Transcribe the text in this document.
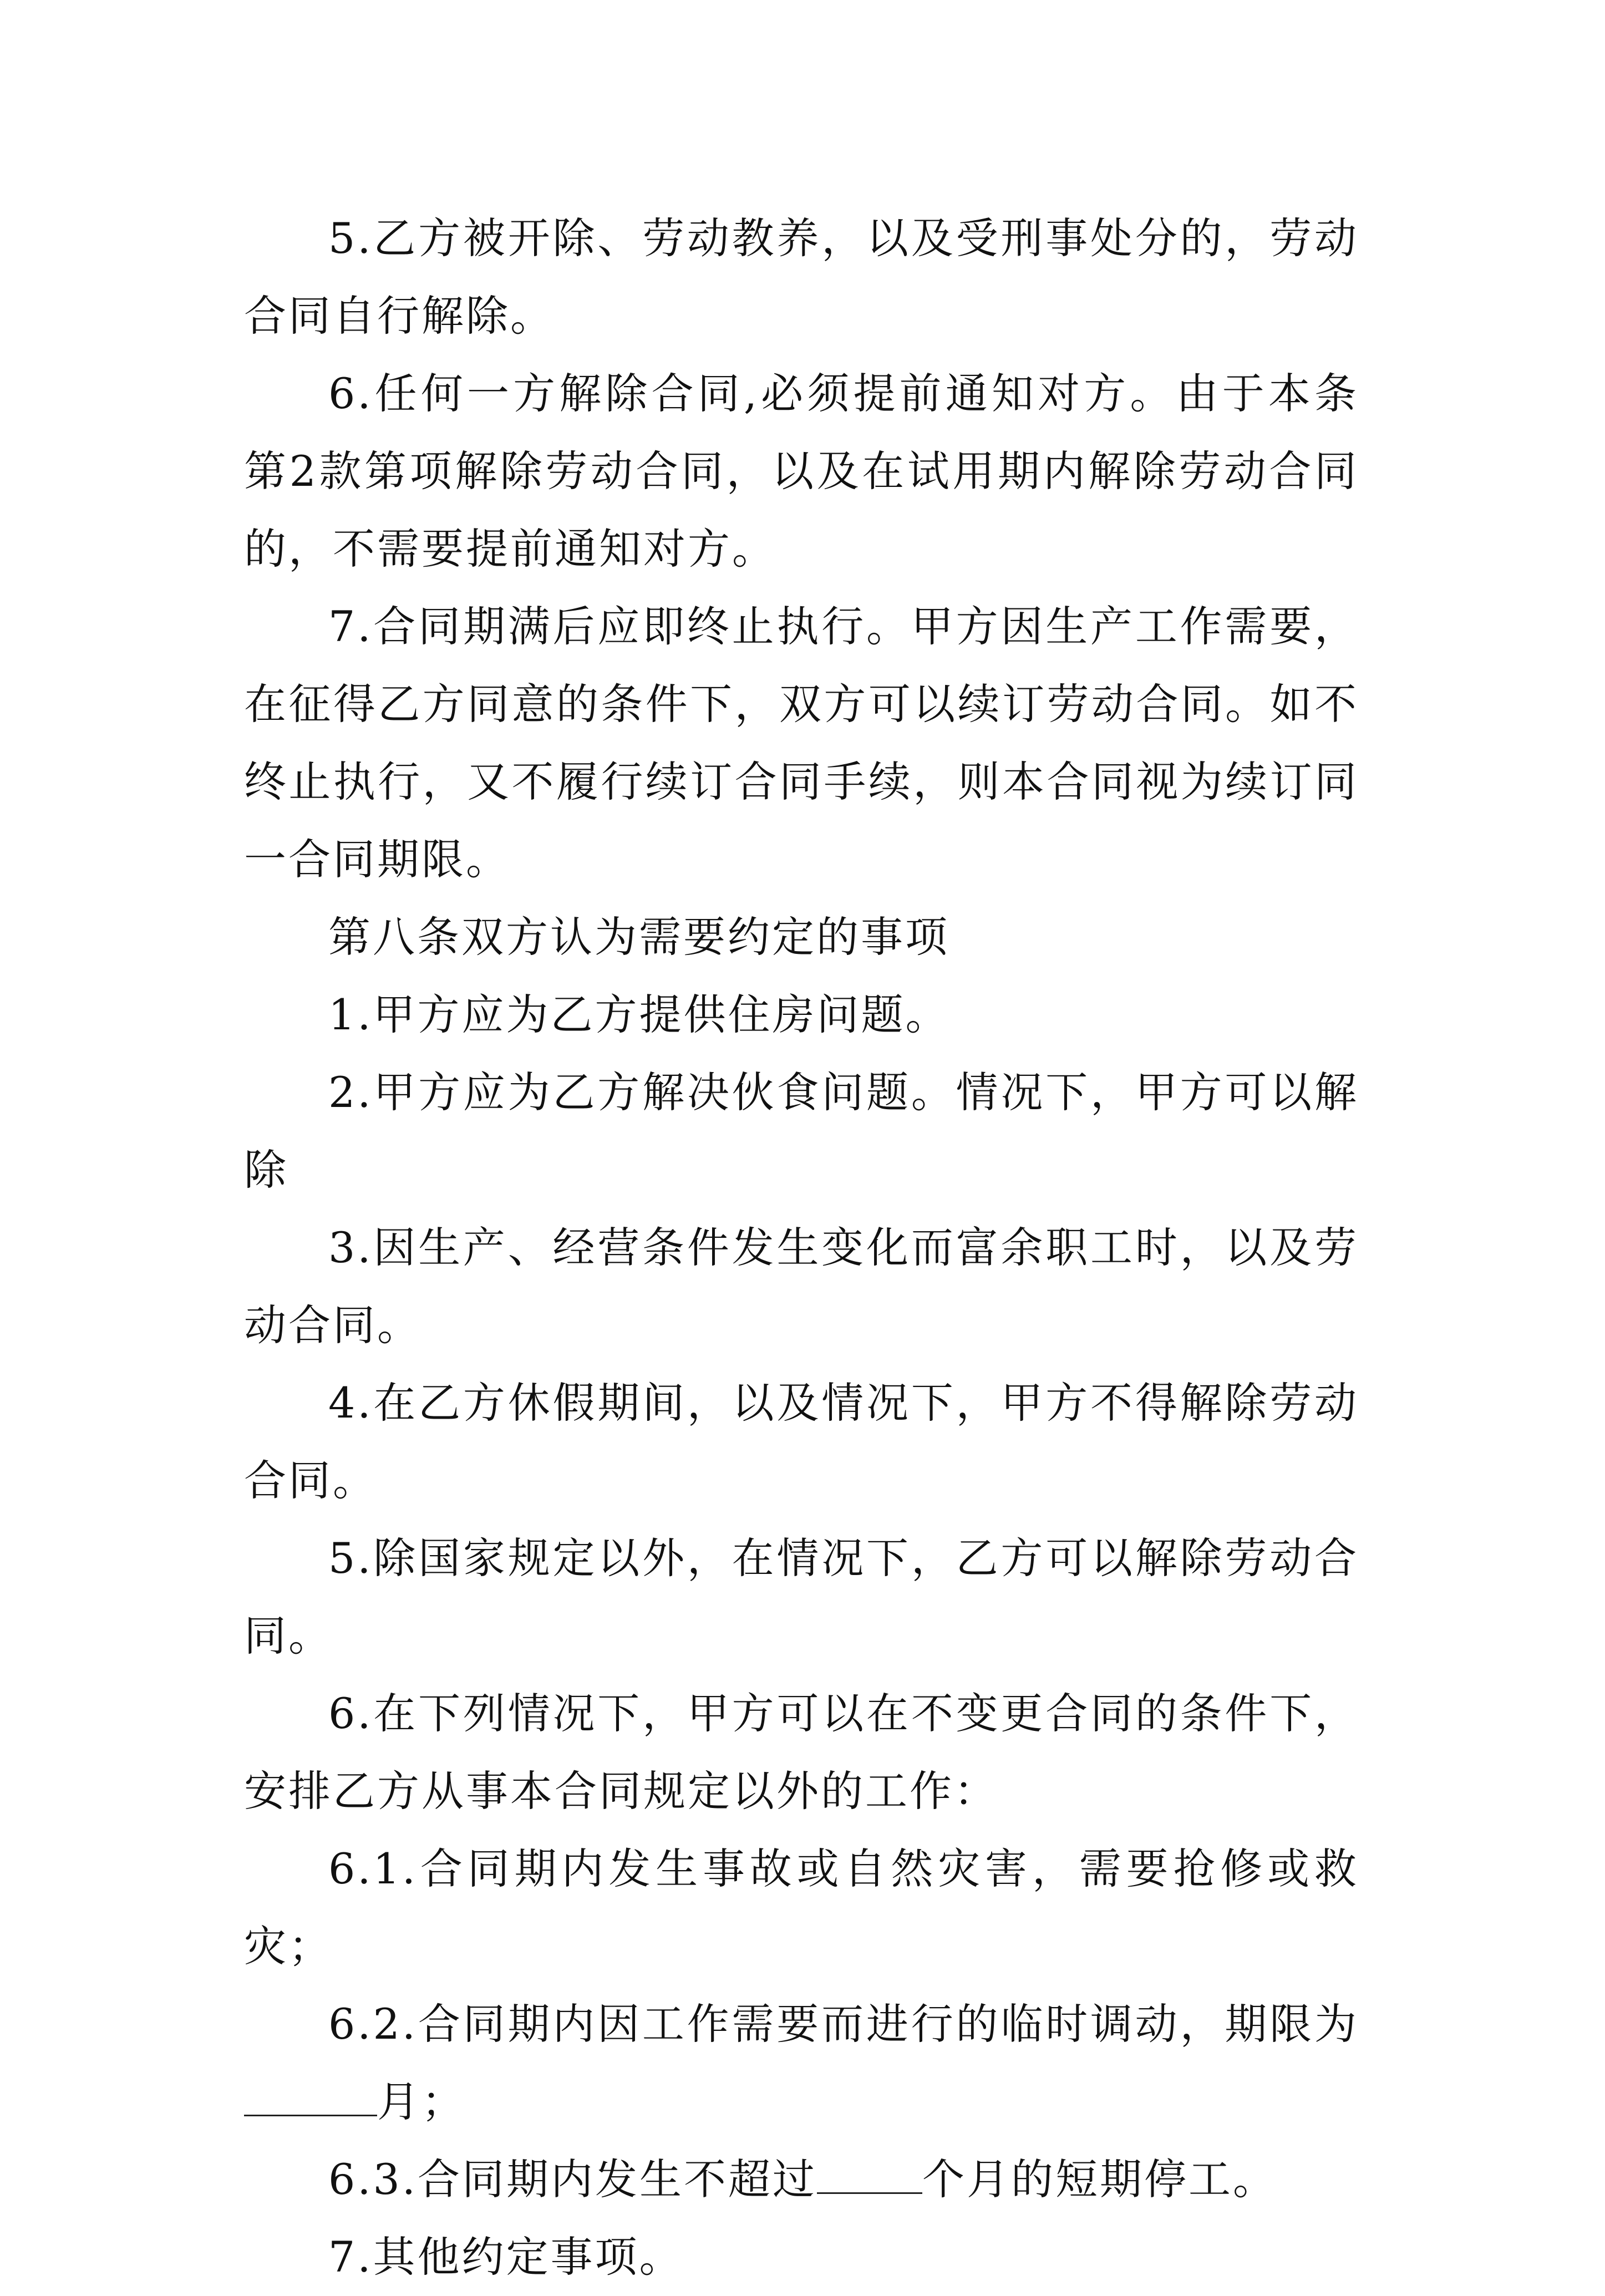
5.乙方被开除、劳动教养，以及受刑事处分的，劳动合同自行解除。

6.任何一方解除合同,必须提前通知对方。由于本条第2款第项解除劳动合同，以及在试用期内解除劳动合同的，不需要提前通知对方。

7.合同期满后应即终止执行。甲方因生产工作需要，在征得乙方同意的条件下，双方可以续订劳动合同。如不终止执行，又不履行续订合同手续，则本合同视为续订同一合同期限。

第八条双方认为需要约定的事项

1.甲方应为乙方提供住房问题。

2.甲方应为乙方解决伙食问题。情况下，甲方可以解除

3.因生产、经营条件发生变化而富余职工时，以及劳动合同。

4.在乙方休假期间，以及情况下，甲方不得解除劳动合同。

5.除国家规定以外，在情况下，乙方可以解除劳动合同。

6.在下列情况下，甲方可以在不变更合同的条件下，安排乙方从事本合同规定以外的工作：

6.1.合同期内发生事故或自然灾害，需要抢修或救灾；

6.2.合同期内因工作需要而进行的临时调动，期限为月；

6.3.合同期内发生不超过	个月的短期停工。

7.其他约定事项。
